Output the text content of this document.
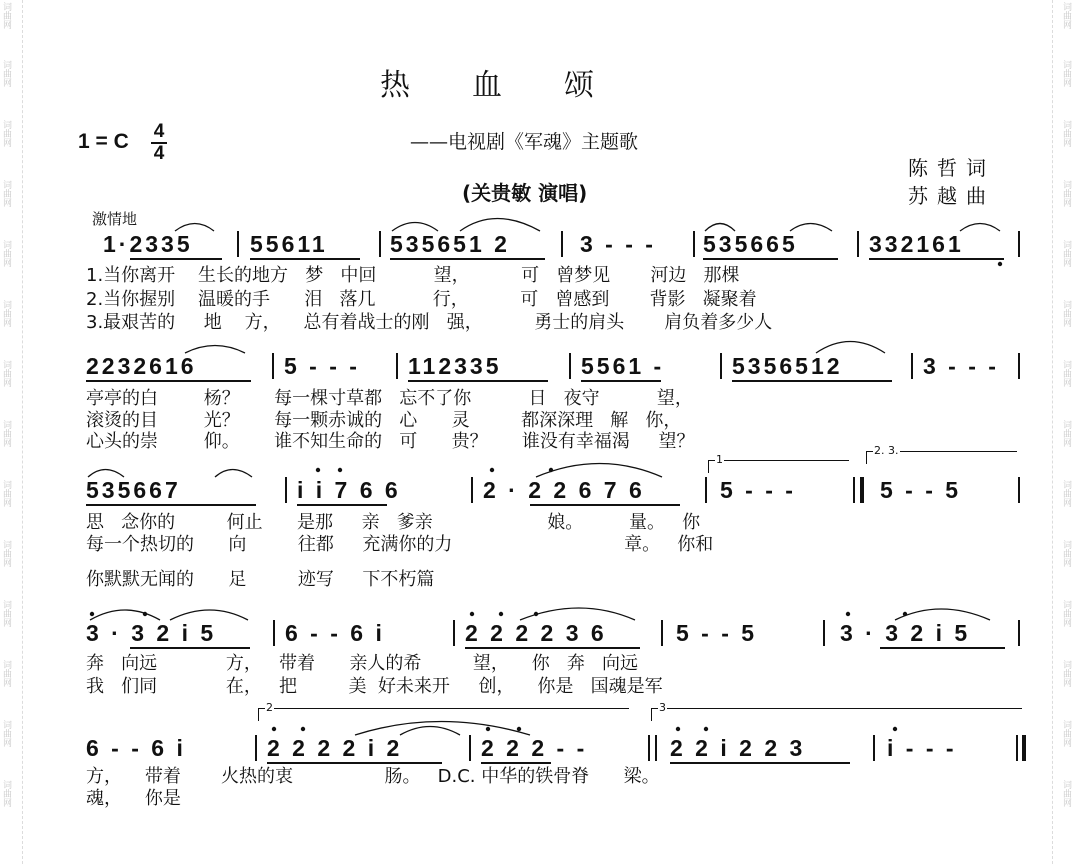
词曲网
词曲网
词曲网
词曲网
词曲网
词曲网
词曲网
词曲网
词曲网
词曲网
词曲网
词曲网
词曲网
词曲网
词曲网
词曲网
词曲网
词曲网
词曲网
词曲网
词曲网
词曲网
词曲网
词曲网
词曲网
词曲网
词曲网
词曲网
热血颂
——电视剧《军魂》主题歌
1 = C	4
4
(关贵敏 演唱)
陈哲词
苏越曲
激情地
1·2335 55611	535651 2	3 - - - 535665	332161
1.当你离开    生长的地方   梦   中回          望，         可   曾梦见       河边   那棵
2.当你握别    温暖的手      泪   落几          行，         可   曾感到       背影   凝聚着
3.最艰苦的     地    方，    总有着战士的刚   强，         勇士的肩头       肩负着多少人
2232616	5 - - - 112335	5561 -	5356512	3 - - -
亭亭的白        杨？      每一棵寸草都   忘不了你          日   夜守          望，
滚烫的目        光？      每一颗赤诚的   心      灵         都深深理   解   你，
心头的崇        仰。      谁不知生命的   可      贵？      谁没有幸福渴     望？
1
2. 3.
535667	i i 7 6 6	2 · 2 2 6 7 6	5 - - -	5 - - 5
思   念你的         何止      是那     亲   爹亲                    娘。        量。   你
每一个热切的      向         往都     充满你的力                              章。   你和
你默默无闻的      足         迹写     下不朽篇
3 · 3 2 i 5	6 - - 6 i	2 2 2 2 3 6	5 - - 5	3 · 3 2 i 5
奔   向远            方，   带着      亲人的希         望，    你   奔   向远
我   们同            在，   把         美  好未来开     创，    你是   国魂是军
2	3
6 - - 6 i	2 2 2 2 i 2	2 2 2 - -	2 2 i 2 2 3	i - - -
方，    带着       火热的衷                肠。   D.C. 中华的铁骨脊      梁。
魂，    你是
